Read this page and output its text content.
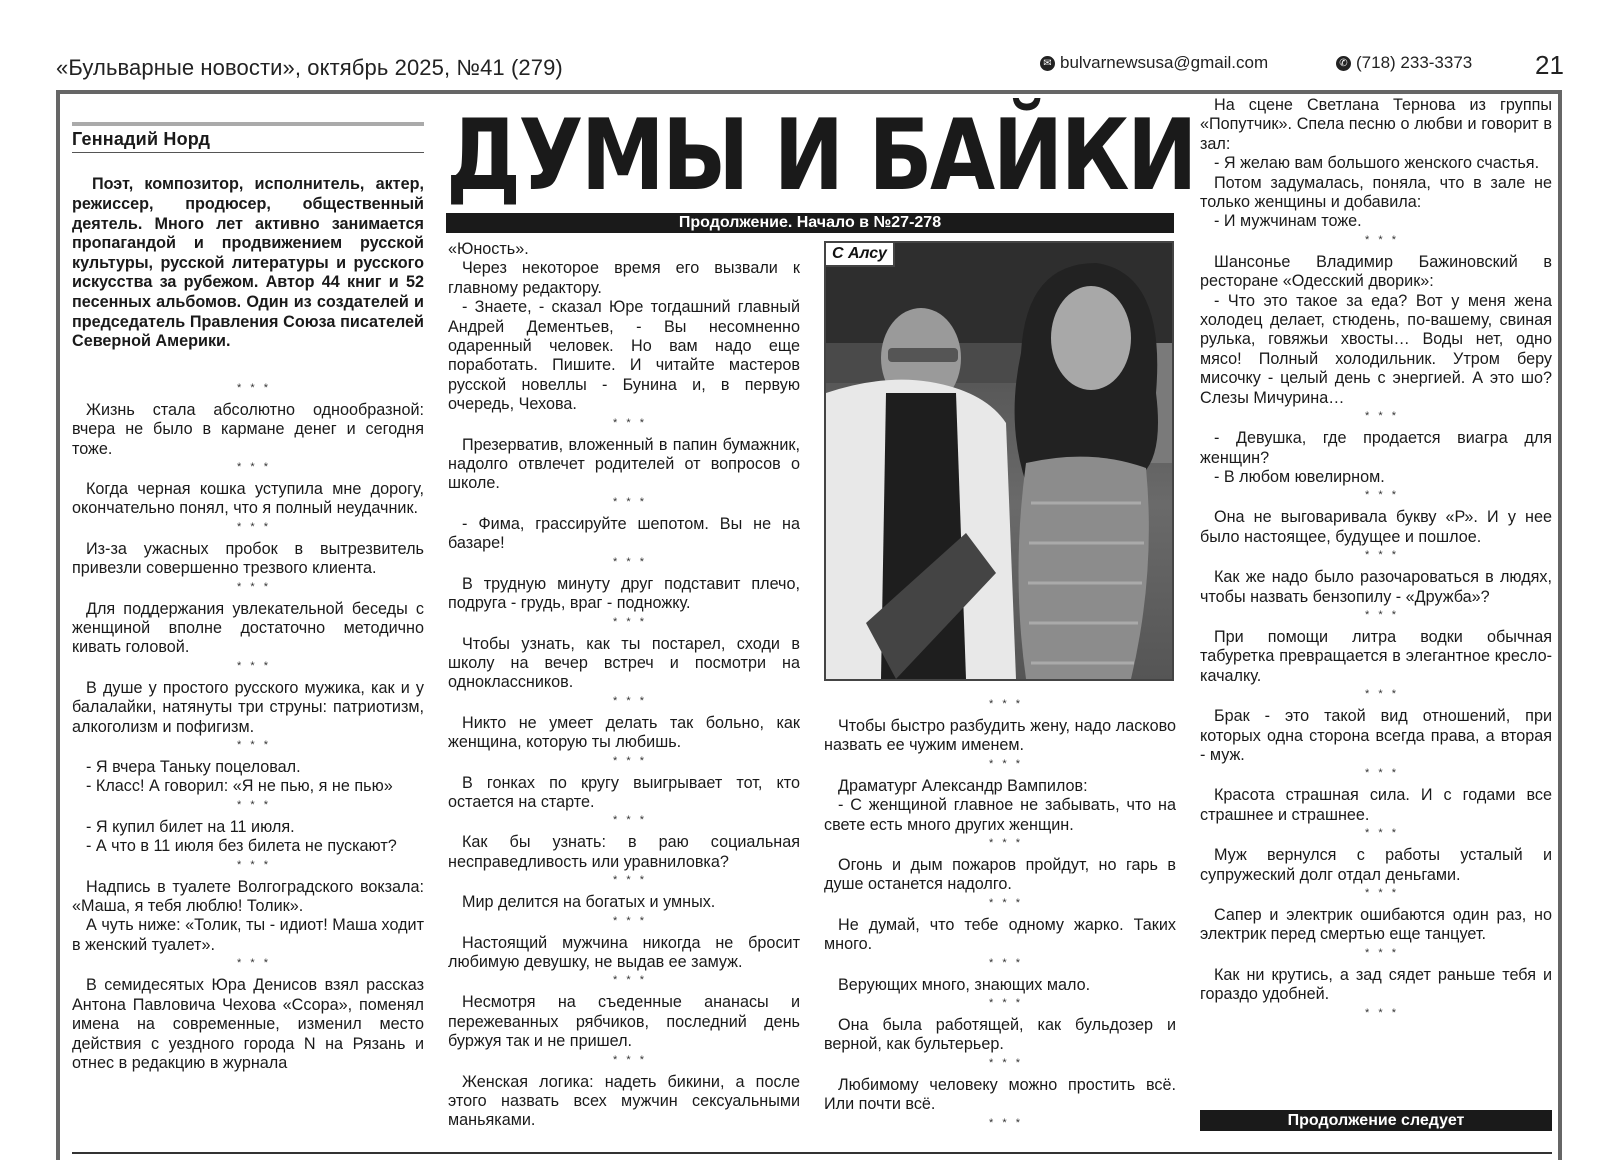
«Бульварные новости», октябрь 2025, №41 (279)	✉ bulvarnewsusa@gmail.com	✆ (718) 233-3373 21
Геннадий Норд

Поэт, композитор, исполнитель, актер, режиссер, продюсер, общественный деятель. Много лет активно занимается пропагандой и продвижением русской культуры, русской литературы и русского искусства за рубежом. Автор 44 книг и 52 песенных альбомов. Один из создателей и председатель Правления Союза писателей Северной Америки.

* * *

Жизнь стала абсолютно однообразной: вчера не было в кармане денег и сегодня тоже.

* * *

Когда черная кошка уступила мне дорогу, окончательно понял, что я полный неудачник.

* * *

Из-за ужасных пробок в вытрезвитель привезли совершенно трезвого клиента.

* * *

Для поддержания увлекательной беседы с женщиной вполне достаточно методично кивать головой.

* * *

В душе у простого русского мужика, как и у балалайки, натянуты три струны: патриотизм, алкоголизм и пофигизм.

* * *

- Я вчера Таньку поцеловал.

- Класс! А говорил: «Я не пью, я не пью»

* * *

- Я купил билет на 11 июля.

- А что в 11 июля без билета не пускают?

* * *

Надпись в туалете Волгоградского вокзала: «Маша, я тебя люблю! Толик».

А чуть ниже: «Толик, ты - идиот! Маша ходит в женский туалет».

* * *

В семидесятых Юра Денисов взял рассказ Антона Павловича Чехова «Ссора», поменял имена на современные, изменил место действия с уездного города N на Рязань и отнес в редакцию в журнала

ДУМЫ И БАЙКИ
Продолжение. Начало в №27-278

«Юность».

Через некоторое время его вызвали к главному редактору.

- Знаете, - сказал Юре тогдашний главный Андрей Дементьев, - Вы несомненно одаренный человек. Но вам надо еще поработать. Пишите. И читайте мастеров русской новеллы - Бунина и, в первую очередь, Чехова.

* * *

Презерватив, вложенный в папин бумажник, надолго отвлечет родителей от вопросов о школе.

* * *

- Фима, грассируйте шепотом. Вы не на базаре!

* * *

В трудную минуту друг подставит плечо, подруга - грудь, враг - подножку.

* * *

Чтобы узнать, как ты постарел, сходи в школу на вечер встреч и посмотри на одноклассников.

* * *

Никто не умеет делать так больно, как женщина, которую ты любишь.

* * *

В гонках по кругу выигрывает тот, кто остается на старте.

* * *

Как бы узнать: в раю социальная несправедливость или уравниловка?

* * *

Мир делится на богатых и умных.

* * *

Настоящий мужчина никогда не бросит любимую девушку, не выдав ее замуж.

* * *

Несмотря на съеденные ананасы и пережеванных рябчиков, последний день буржуя так и не пришел.

* * *

Женская логика: надеть бикини, а после этого назвать всех мужчин сексуальными маньяками.

С Алсу
* * *

Чтобы быстро разбудить жену, надо ласково назвать ее чужим именем.

* * *

Драматург Александр Вампилов:

- С женщиной главное не забывать, что на свете есть много других женщин.

* * *

Огонь и дым пожаров пройдут, но гарь в душе останется надолго.

* * *

Не думай, что тебе одному жарко. Таких много.

* * *

Верующих много, знающих мало.

* * *

Она была работящей, как бульдозер и верной, как бультерьер.

* * *

Любимому человеку можно простить всё. Или почти всё.

* * *

На сцене Светлана Тернова из группы «Попутчик». Спела песню о любви и говорит в зал:

- Я желаю вам большого женского счастья.

Потом задумалась, поняла, что в зале не только женщины и добавила:

- И мужчинам тоже.

* * *

Шансонье Владимир Бажиновский в ресторане «Одесский дворик»:

- Что это такое за еда? Вот у меня жена холодец делает, стюдень, по-вашему, свиная рулька, говяжьи хвосты… Воды нет, одно мясо! Полный холодильник. Утром беру мисочку - целый день с энергией. А это шо? Слезы Мичурина…

* * *

- Девушка, где продается виагра для женщин?

- В любом ювелирном.

* * *

Она не выговаривала букву «Р». И у нее было настоящее, будущее и пошлое.

* * *

Как же надо было разочароваться в людях, чтобы назвать бензопилу - «Дружба»?

* * *

При помощи литра водки обычная табуретка превращается в элегантное кресло-качалку.

* * *

Брак - это такой вид отношений, при которых одна сторона всегда права, а вторая - муж.

* * *

Красота страшная сила. И с годами все страшнее и страшнее.

* * *

Муж вернулся с работы усталый и супружеский долг отдал деньгами.

* * *

Сапер и электрик ошибаются один раз, но электрик перед смертью еще танцует.

* * *

Как ни крутись, а зад сядет раньше тебя и гораздо удобней.

* * *
Продолжение следует
